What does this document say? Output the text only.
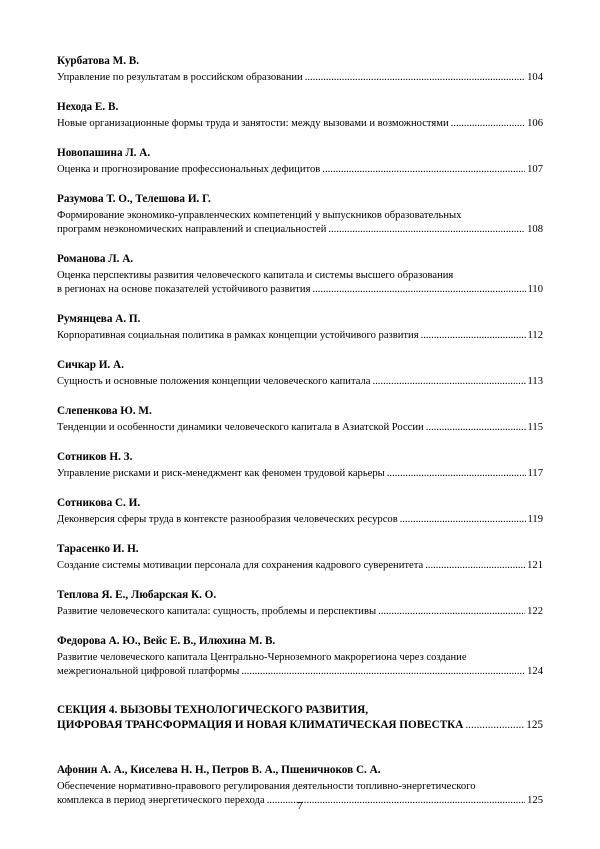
Курбатова М. В.
Управление по результатам в российском образовании .....	104
Нехода Е. В.
Новые организационные формы труда и занятости: между вызовами и возможностями .....	106
Новопашина Л. А.
Оценка и прогнозирование профессиональных дефицитов .....	107
Разумова Т. О., Телешова И. Г.
Формирование экономико-управленческих компетенций у выпускников образовательных
программ неэкономических направлений и специальностей .....	108
Романова Л. А.
Оценка перспективы развития человеческого капитала и системы высшего образования
в регионах на основе показателей устойчивого развития .....	110
Румянцева А. П.
Корпоративная социальная политика в рамках концепции устойчивого развития .....	112
Сичкар И. А.
Сущность и основные положения концепции человеческого капитала .....	113
Слепенкова Ю. М.
Тенденции и особенности динамики человеческого капитала в Азиатской России .....	115
Сотников Н. З.
Управление рисками и риск-менеджмент как феномен трудовой карьеры .....	117
Сотникова С. И.
Деконверсия сферы труда в контексте разнообразия человеческих ресурсов .....	119
Тарасенко И. Н.
Создание системы мотивации персонала для сохранения кадрового суверенитета .....	121
Теплова Я. Е., Любарская К. О.
Развитие человеческого капитала: сущность, проблемы и перспективы .....	122
Федорова А. Ю., Вейс Е. В., Илюхина М. В.
Развитие человеческого капитала Центрально-Черноземного макрорегиона через создание
межрегиональной цифровой платформы .....	124
СЕКЦИЯ 4. ВЫЗОВЫ ТЕХНОЛОГИЧЕСКОГО РАЗВИТИЯ,
ЦИФРОВАЯ ТРАНСФОРМАЦИЯ И НОВАЯ КЛИМАТИЧЕСКАЯ ПОВЕСТКА .....	125
Афонин А. А., Киселева Н. Н., Петров В. А., Пшеничноков С. А.
Обеспечение нормативно-правового регулирования деятельности топливно-энергетического
комплекса в период энергетического перехода .....	125
7
